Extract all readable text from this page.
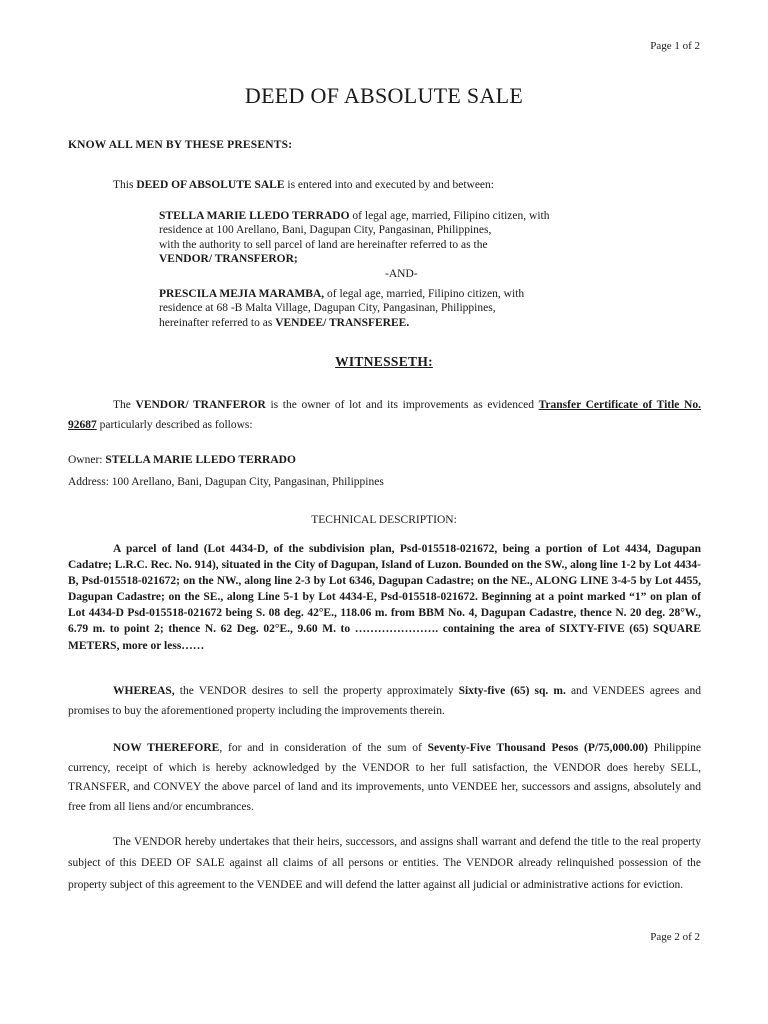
Page 1 of 2
DEED OF ABSOLUTE SALE
KNOW ALL MEN BY THESE PRESENTS:
This DEED OF ABSOLUTE SALE is entered into and executed by and between:
STELLA MARIE LLEDO TERRADO of legal age, married, Filipino citizen, with
residence at 100 Arellano, Bani, Dagupan City, Pangasinan, Philippines,
with the authority to sell parcel of land are hereinafter referred to as the
VENDOR/ TRANSFEROR;
-AND-
PRESCILA MEJIA MARAMBA, of legal age, married, Filipino citizen, with
residence at 68 -B Malta Village, Dagupan City, Pangasinan, Philippines,
hereinafter referred to as VENDEE/ TRANSFEREE.
WITNESSETH:
The VENDOR/ TRANFEROR is the owner of lot and its improvements as evidenced Transfer Certificate of Title No. 92687 particularly described as follows:
Owner: STELLA MARIE LLEDO TERRADO
Address: 100 Arellano, Bani, Dagupan City, Pangasinan, Philippines
TECHNICAL DESCRIPTION:
A parcel of land (Lot 4434-D, of the subdivision plan, Psd-015518-021672, being a portion of Lot 4434, Dagupan Cadatre; L.R.C. Rec. No. 914), situated in the City of Dagupan, Island of Luzon. Bounded on the SW., along line 1-2 by Lot 4434-B, Psd-015518-021672; on the NW., along line 2-3 by Lot 6346, Dagupan Cadastre; on the NE., ALONG LINE 3-4-5 by Lot 4455, Dagupan Cadastre; on the SE., along Line 5-1 by Lot 4434-E, Psd-015518-021672. Beginning at a point marked “1” on plan of Lot 4434-D Psd-015518-021672 being S. 08 deg. 42°E., 118.06 m. from BBM No. 4, Dagupan Cadastre, thence N. 20 deg. 28°W., 6.79 m. to point 2; thence N. 62 Deg. 02°E., 9.60 M. to …………………. containing the area of SIXTY-FIVE (65) SQUARE METERS, more or less……
WHEREAS, the VENDOR desires to sell the property approximately Sixty-five (65) sq. m. and VENDEES agrees and promises to buy the aforementioned property including the improvements therein.
NOW THEREFORE, for and in consideration of the sum of Seventy-Five Thousand Pesos (P/75,000.00) Philippine currency, receipt of which is hereby acknowledged by the VENDOR to her full satisfaction, the VENDOR does hereby SELL, TRANSFER, and CONVEY the above parcel of land and its improvements, unto VENDEE her, successors and assigns, absolutely and free from all liens and/or encumbrances.
The VENDOR hereby undertakes that their heirs, successors, and assigns shall warrant and defend the title to the real property subject of this DEED OF SALE against all claims of all persons or entities. The VENDOR already relinquished possession of the property subject of this agreement to the VENDEE and will defend the latter against all judicial or administrative actions for eviction.
Page 2 of 2
